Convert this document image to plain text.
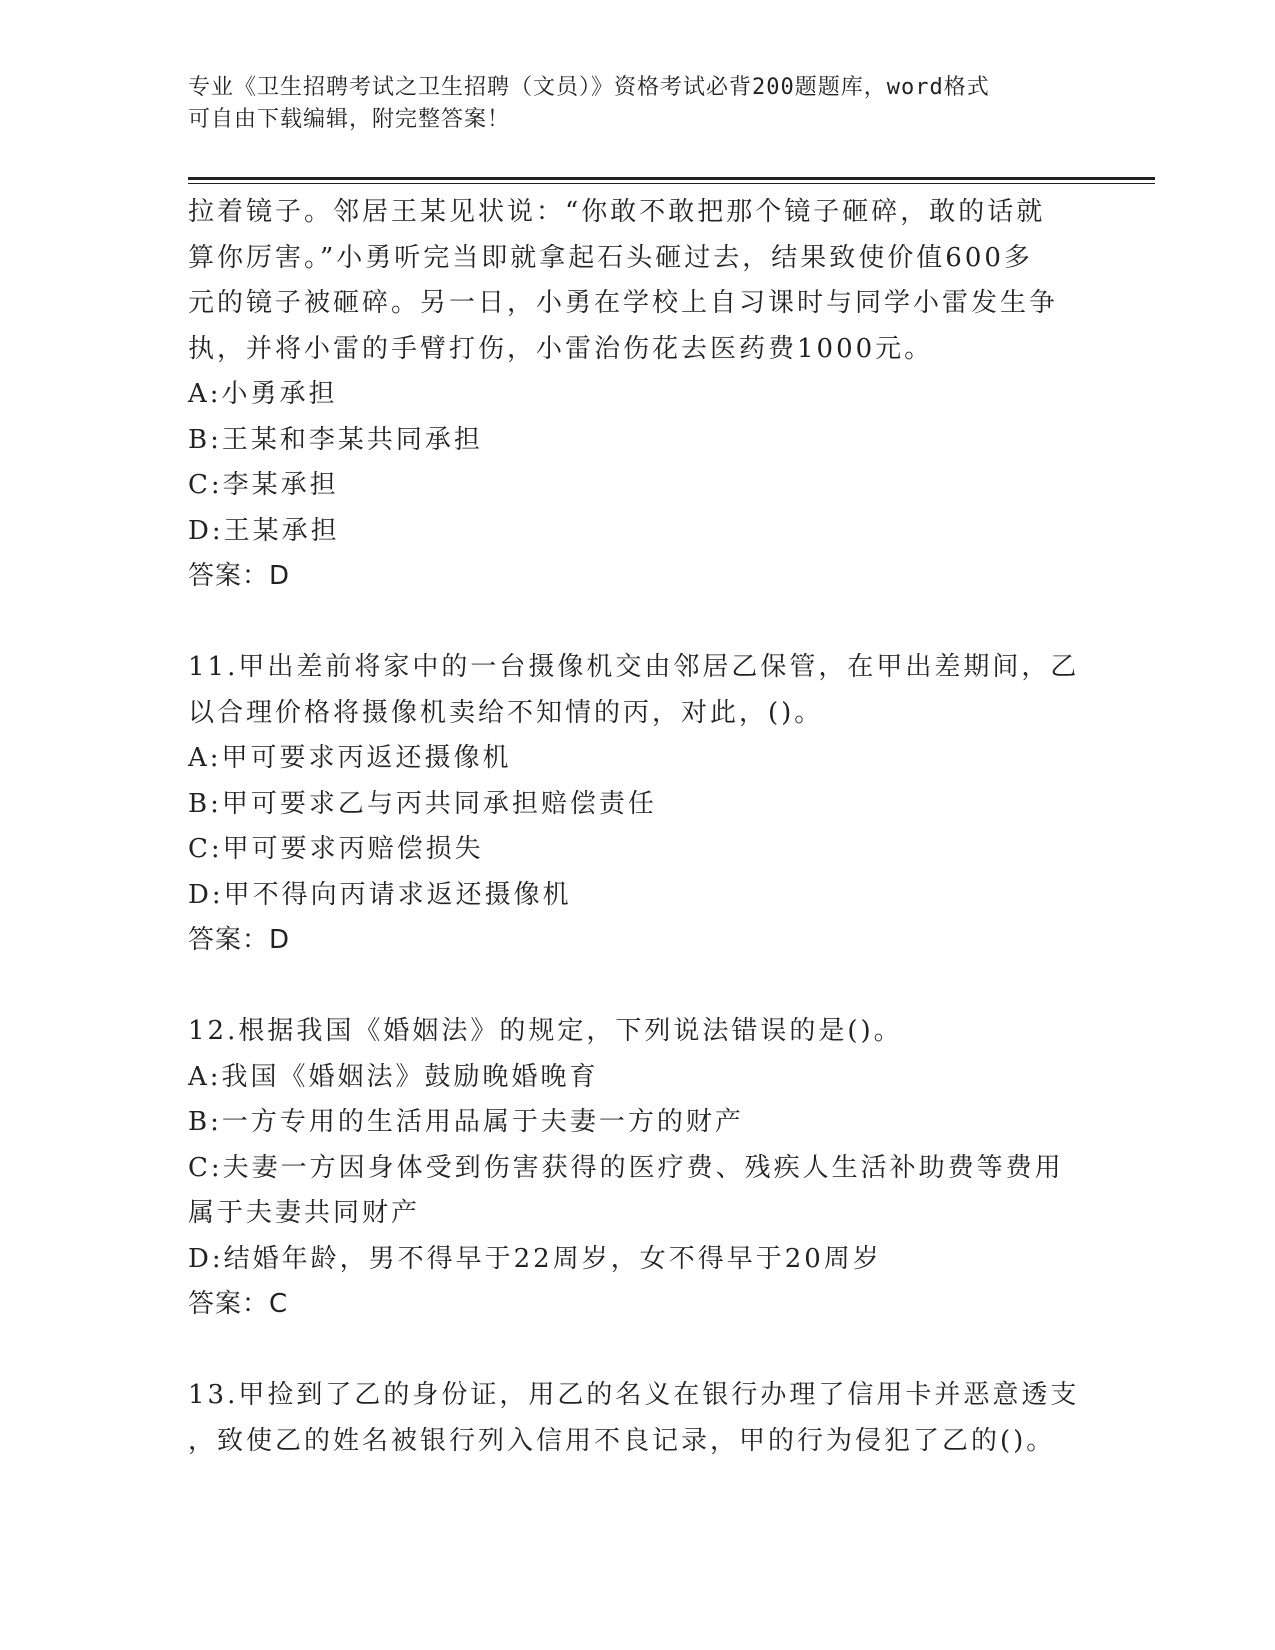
专业《卫生招聘考试之卫生招聘（文员）》资格考试必背200题题库，word格式
可自由下载编辑，附完整答案！
拉着镜子。邻居王某见状说：“你敢不敢把那个镜子砸碎，敢的话就
算你厉害。”小勇听完当即就拿起石头砸过去，结果致使价值600多
元的镜子被砸碎。另一日，小勇在学校上自习课时与同学小雷发生争
执，并将小雷的手臂打伤，小雷治伤花去医药费1000元。
A:小勇承担
B:王某和李某共同承担
C:李某承担
D:王某承担
答案：D
11.甲出差前将家中的一台摄像机交由邻居乙保管，在甲出差期间，乙
以合理价格将摄像机卖给不知情的丙，对此，()。
A:甲可要求丙返还摄像机
B:甲可要求乙与丙共同承担赔偿责任
C:甲可要求丙赔偿损失
D:甲不得向丙请求返还摄像机
答案：D
12.根据我国《婚姻法》的规定，下列说法错误的是()。
A:我国《婚姻法》鼓励晚婚晚育
B:一方专用的生活用品属于夫妻一方的财产
C:夫妻一方因身体受到伤害获得的医疗费、残疾人生活补助费等费用
属于夫妻共同财产
D:结婚年龄，男不得早于22周岁，女不得早于20周岁
答案：C
13.甲捡到了乙的身份证，用乙的名义在银行办理了信用卡并恶意透支
，致使乙的姓名被银行列入信用不良记录，甲的行为侵犯了乙的()。
